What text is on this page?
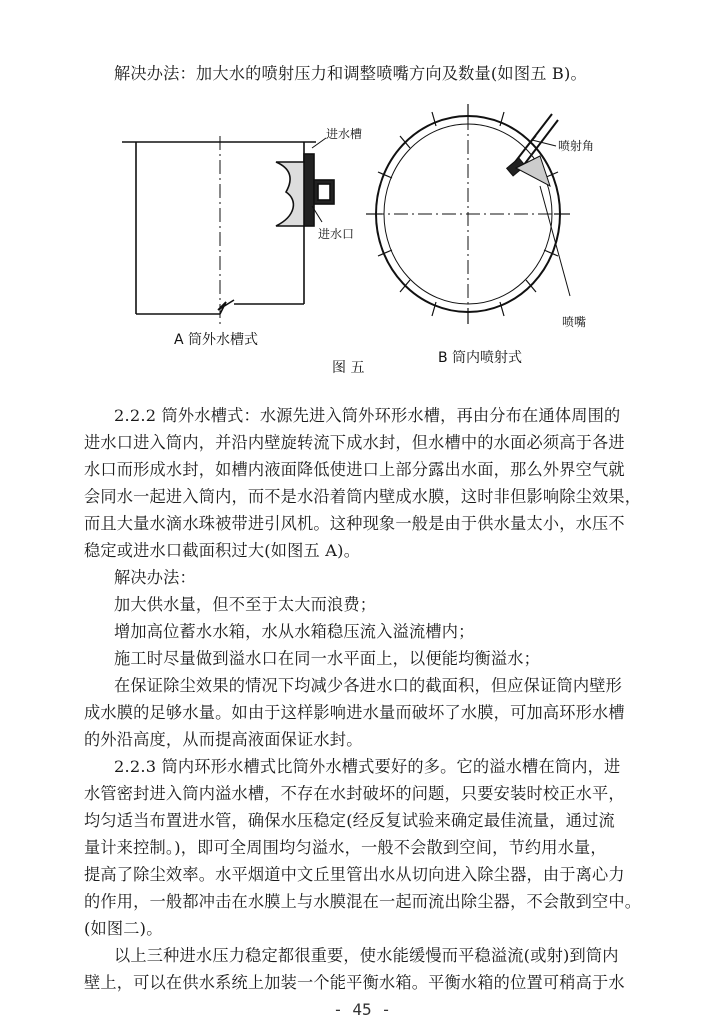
解决办法：加大水的喷射压力和调整喷嘴方向及数量(如图五 B)。
进水槽
进水口
A 筒外水槽式
喷射角
喷嘴
B 筒内喷射式
图 五
2.2.2 筒外水槽式：水源先进入筒外环形水槽，再由分布在通体周围的
进水口进入筒内，并沿内壁旋转流下成水封，但水槽中的水面必须高于各进
水口而形成水封，如槽内液面降低使进口上部分露出水面，那么外界空气就
会同水一起进入筒内，而不是水沿着筒内壁成水膜，这时非但影响除尘效果，
而且大量水滴水珠被带进引风机。这种现象一般是由于供水量太小，水压不
稳定或进水口截面积过大(如图五 A)。
解决办法：
加大供水量，但不至于太大而浪费；
增加高位蓄水水箱，水从水箱稳压流入溢流槽内；
施工时尽量做到溢水口在同一水平面上，以便能均衡溢水；
在保证除尘效果的情况下均减少各进水口的截面积，但应保证筒内壁形
成水膜的足够水量。如由于这样影响进水量而破坏了水膜，可加高环形水槽
的外沿高度，从而提高液面保证水封。
2.2.3 筒内环形水槽式比筒外水槽式要好的多。它的溢水槽在筒内，进
水管密封进入筒内溢水槽，不存在水封破坏的问题，只要安装时校正水平，
均匀适当布置进水管，确保水压稳定(经反复试验来确定最佳流量，通过流
量计来控制。)，即可全周围均匀溢水，一般不会散到空间，节约用水量，
提高了除尘效率。水平烟道中文丘里管出水从切向进入除尘器，由于离心力
的作用，一般都冲击在水膜上与水膜混在一起而流出除尘器，不会散到空中。
(如图二)。
以上三种进水压力稳定都很重要，使水能缓慢而平稳溢流(或射)到筒内
壁上，可以在供水系统上加装一个能平衡水箱。平衡水箱的位置可稍高于水
- 45 -
